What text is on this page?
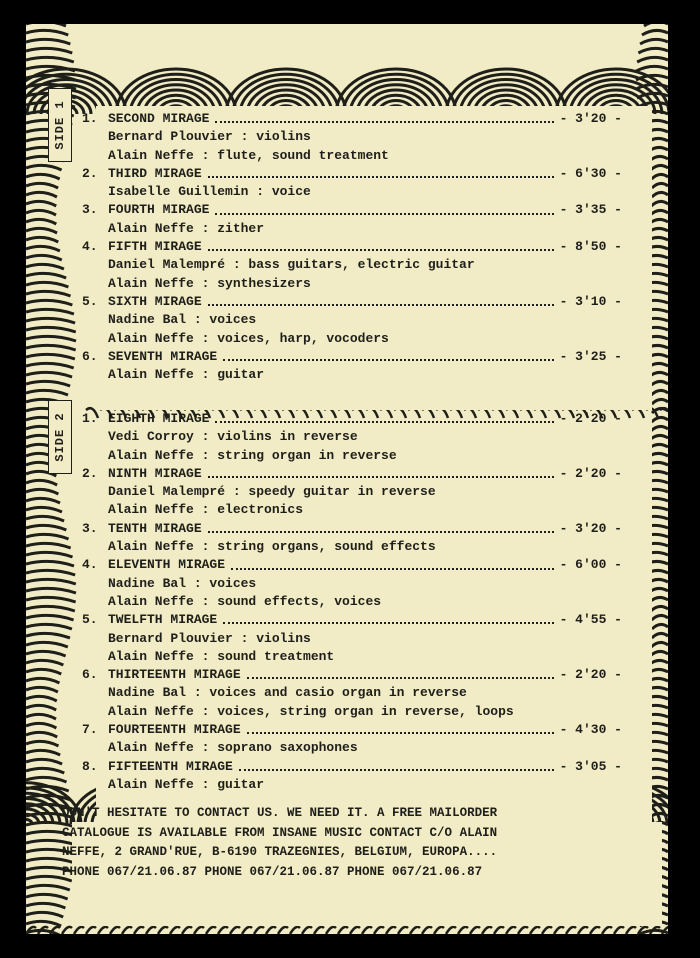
SIDE 1
SIDE 2
1. SECOND MIRAGE	- 3'20 -
Bernard Plouvier : violins
Alain Neffe : flute, sound treatment
2. THIRD MIRAGE	- 6'30 -
Isabelle Guillemin : voice
3. FOURTH MIRAGE	- 3'35 -
Alain Neffe : zither
4. FIFTH MIRAGE	- 8'50 -
Daniel Malempré : bass guitars, electric guitar
Alain Neffe : synthesizers
5. SIXTH MIRAGE	- 3'10 -
Nadine Bal : voices
Alain Neffe : voices, harp, vocoders
6. SEVENTH MIRAGE	- 3'25 -
Alain Neffe : guitar
1. EIGHTH MIRAGE	- 2'20 -
Vedi Corroy : violins in reverse
Alain Neffe : string organ in reverse
2. NINTH MIRAGE	- 2'20 -
Daniel Malempré : speedy guitar in reverse
Alain Neffe : electronics
3. TENTH MIRAGE	- 3'20 -
Alain Neffe : string organs, sound effects
4. ELEVENTH MIRAGE	- 6'00 -
Nadine Bal : voices
Alain Neffe : sound effects, voices
5. TWELFTH MIRAGE	- 4'55 -
Bernard Plouvier : violins
Alain Neffe : sound treatment
6. THIRTEENTH MIRAGE	- 2'20 -
Nadine Bal : voices and casio organ in reverse
Alain Neffe : voices, string organ in reverse, loops
7. FOURTEENTH MIRAGE	- 4'30 -
Alain Neffe : soprano saxophones
8. FIFTEENTH MIRAGE	- 3'05 -
Alain Neffe : guitar
DON'T HESITATE TO CONTACT US. WE NEED IT. A FREE MAILORDER
CATALOGUE IS AVAILABLE FROM INSANE MUSIC CONTACT C/O ALAIN
NEFFE, 2 GRAND'RUE, B-6190 TRAZEGNIES, BELGIUM, EUROPA....
PHONE 067/21.06.87 PHONE 067/21.06.87 PHONE 067/21.06.87
